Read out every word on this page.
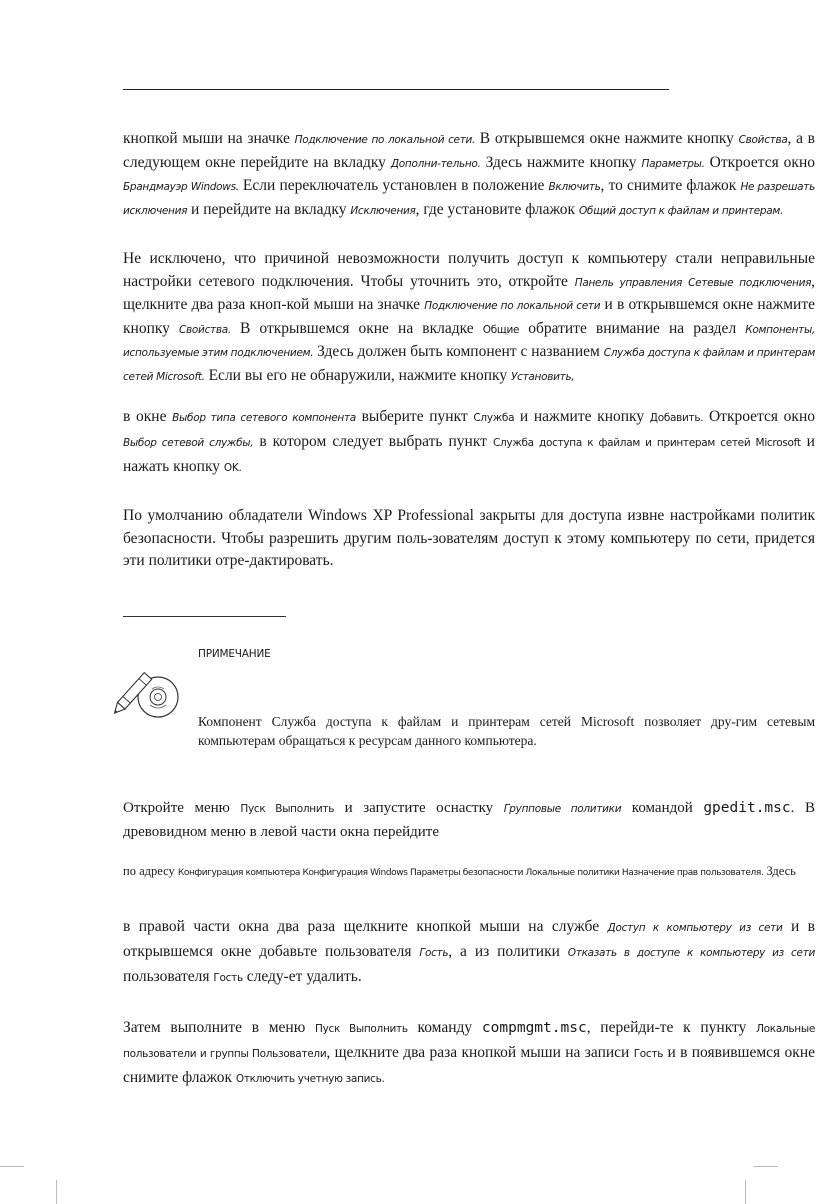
кнопкой мыши на значке Подключение по локальной сети. В открывшемся окне нажмите кнопку Свойства, а в следующем окне перейдите на вкладку Дополни-тельно. Здесь нажмите кнопку Параметры. Откроется окно Брандмауэр Windows. Если переключатель установлен в положение Включить, то снимите флажок Не разрешать исключения и перейдите на вкладку Исключения, где установите флажок Общий доступ к файлам и принтерам.

Не исключено, что причиной невозможности получить доступ к компьютеру стали неправильные настройки сетевого подключения. Чтобы уточнить это, откройте Панель управления Сетевые подключения, щелкните два раза кноп-кой мыши на значке Подключение по локальной сети и в открывшемся окне нажмите кнопку Свойства. В открывшемся окне на вкладке Общие обратите внимание на раздел Компоненты, используемые этим подключением. Здесь должен быть компонент с названием Служба доступа к файлам и принтерам сетей Microsoft. Если вы его не обнаружили, нажмите кнопку Установить,

в окне Выбор типа сетевого компонента выберите пункт Служба и нажмите кнопку Добавить. Откроется окно Выбор сетевой службы, в котором следует выбрать пункт Служба доступа к файлам и принтерам сетей Microsoft и нажать кнопку OK.

По умолчанию обладатели Windows XP Professional закрыты для доступа извне настройками политик безопасности. Чтобы разрешить другим поль-зователям доступ к этому компьютеру по сети, придется эти политики отре-дактировать.

ПРИМЕЧАНИЕ
Компонент Служба доступа к файлам и принтерам сетей Microsoft позволяет дру-гим сетевым компьютерам обращаться к ресурсам данного компьютера.

Откройте меню Пуск Выполнить и запустите оснастку Групповые политики командой gpedit.msc. В древовидном меню в левой части окна перейдите

по адресу Конфигурация компьютера Конфигурация Windows Параметры безопасности Локальные политики Назначение прав пользователя. Здесь

в правой части окна два раза щелкните кнопкой мыши на службе Доступ к компьютеру из сети и в открывшемся окне добавьте пользователя Гость, а из политики Отказать в доступе к компьютеру из сети пользователя Гость следу-ет удалить.

Затем выполните в меню Пуск Выполнить команду compmgmt.msc, перейди-те к пункту Локальные пользователи и группы Пользователи, щелкните два раза кнопкой мыши на записи Гость и в появившемся окне снимите флажок Отключить учетную запись.
